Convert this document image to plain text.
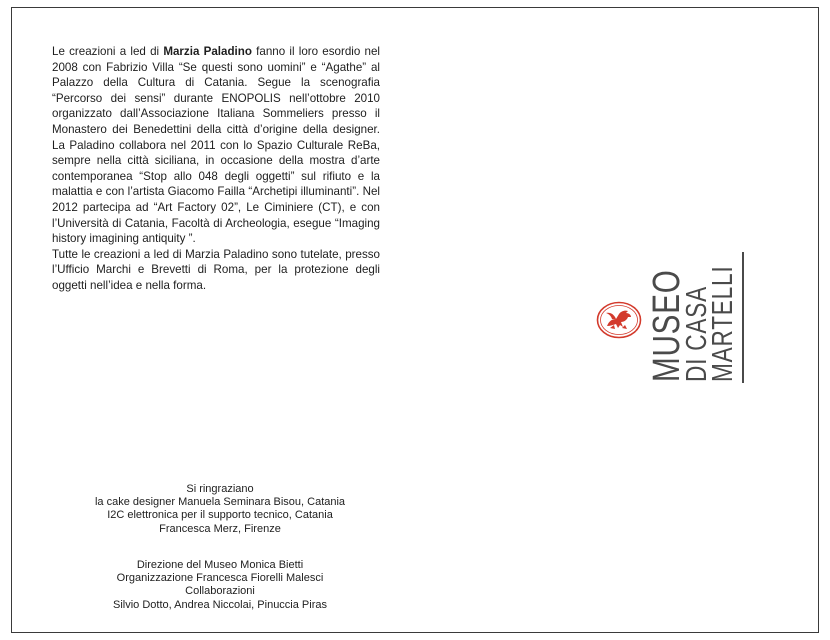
Le creazioni a led di Marzia Paladino fanno il loro esordio nel 2008 con Fabrizio Villa “Se questi sono uomini” e “Agathe” al Palazzo della Cultura di Catania. Segue la scenografia “Percorso dei sensi” durante ENOPOLIS nell’ottobre 2010 organizzato dall’Associazione Italiana Sommeliers presso il Monastero dei Benedettini della città d’origine della designer. La Paladino collabora nel 2011 con lo Spazio Culturale ReBa, sempre nella città siciliana, in occasione della mostra d’arte contemporanea “Stop allo 048 degli oggetti” sul rifiuto e la malattia e con l’artista Giacomo Failla “Archetipi illuminanti”. Nel 2012 partecipa ad “Art Factory 02”, Le Ciminiere (CT), e con l’Università di Catania, Facoltà di Archeologia, esegue “Imaging history imagining antiquity ”.

Tutte le creazioni a led di Marzia Paladino sono tutelate, presso l’Ufficio Marchi e Brevetti di Roma, per la protezione degli oggetti nell’idea e nella forma.

Si ringraziano
la cake designer Manuela Seminara Bisou, Catania
I2C elettronica per il supporto tecnico, Catania
Francesca Merz, Firenze
Direzione del Museo Monica Bietti
Organizzazione Francesca Fiorelli Malesci
Collaborazioni
Silvio Dotto, Andrea Niccolai, Pinuccia Piras
MUSEO
DI CASA
MARTELLI
